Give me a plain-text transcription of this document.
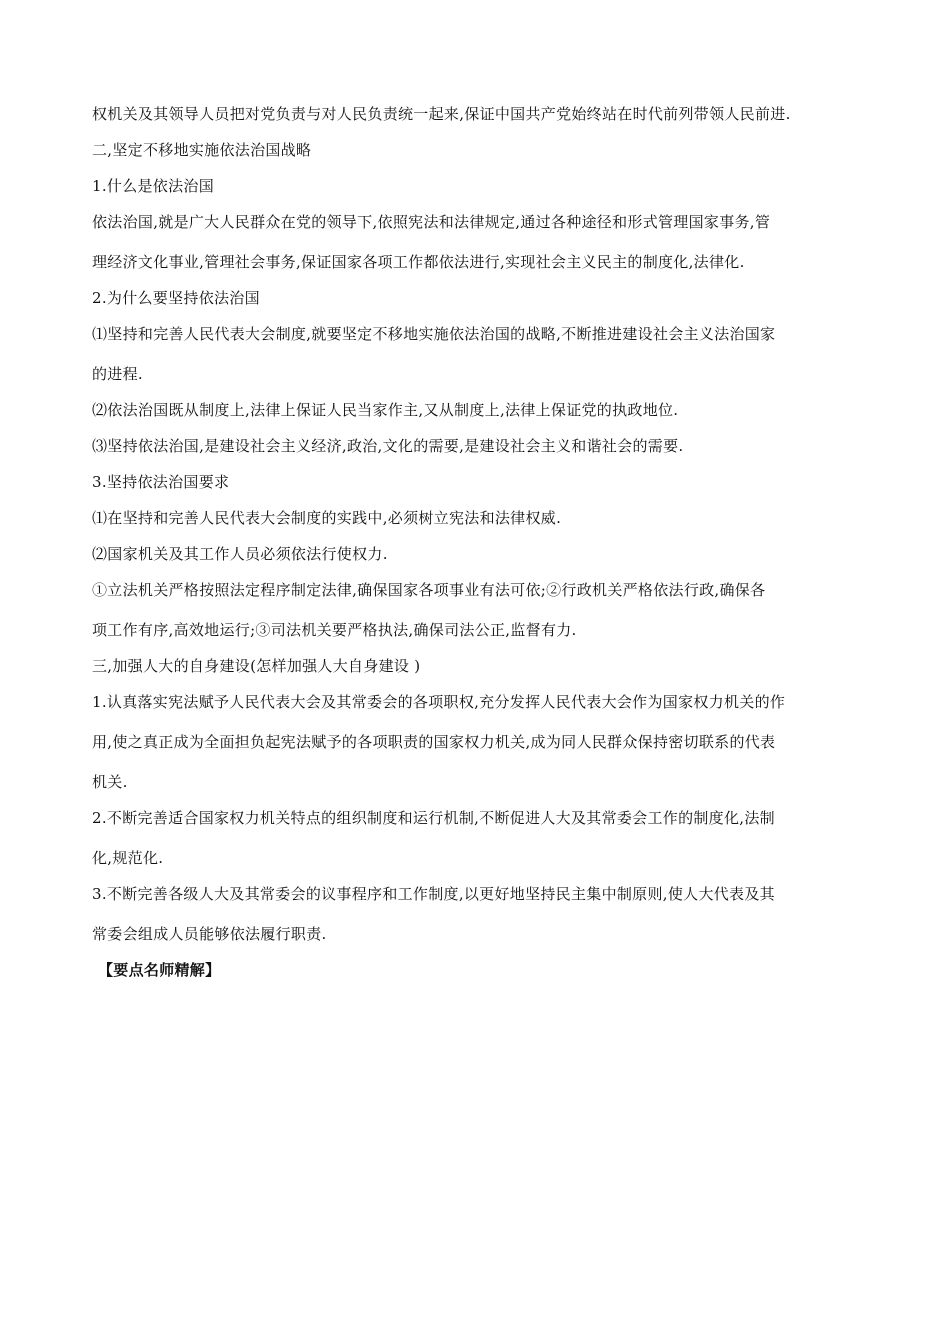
权机关及其领导人员把对党负责与对人民负责统一起来,保证中国共产党始终站在时代前列带领人民前进.
二,坚定不移地实施依法治国战略
1.什么是依法治国
依法治国,就是广大人民群众在党的领导下,依照宪法和法律规定,通过各种途径和形式管理国家事务,管
理经济文化事业,管理社会事务,保证国家各项工作都依法进行,实现社会主义民主的制度化,法律化.
2.为什么要坚持依法治国
⑴坚持和完善人民代表大会制度,就要坚定不移地实施依法治国的战略,不断推进建设社会主义法治国家
的进程.
⑵依法治国既从制度上,法律上保证人民当家作主,又从制度上,法律上保证党的执政地位.
⑶坚持依法治国,是建设社会主义经济,政治,文化的需要,是建设社会主义和谐社会的需要.
3.坚持依法治国要求
⑴在坚持和完善人民代表大会制度的实践中,必须树立宪法和法律权威.
⑵国家机关及其工作人员必须依法行使权力.
①立法机关严格按照法定程序制定法律,确保国家各项事业有法可依;②行政机关严格依法行政,确保各
项工作有序,高效地运行;③司法机关要严格执法,确保司法公正,监督有力.
三,加强人大的自身建设(怎样加强人大自身建设 )
1.认真落实宪法赋予人民代表大会及其常委会的各项职权,充分发挥人民代表大会作为国家权力机关的作
用,使之真正成为全面担负起宪法赋予的各项职责的国家权力机关,成为同人民群众保持密切联系的代表
机关.
2.不断完善适合国家权力机关特点的组织制度和运行机制,不断促进人大及其常委会工作的制度化,法制
化,规范化.
3.不断完善各级人大及其常委会的议事程序和工作制度,以更好地坚持民主集中制原则,使人大代表及其
常委会组成人员能够依法履行职责.
【要点名师精解】
